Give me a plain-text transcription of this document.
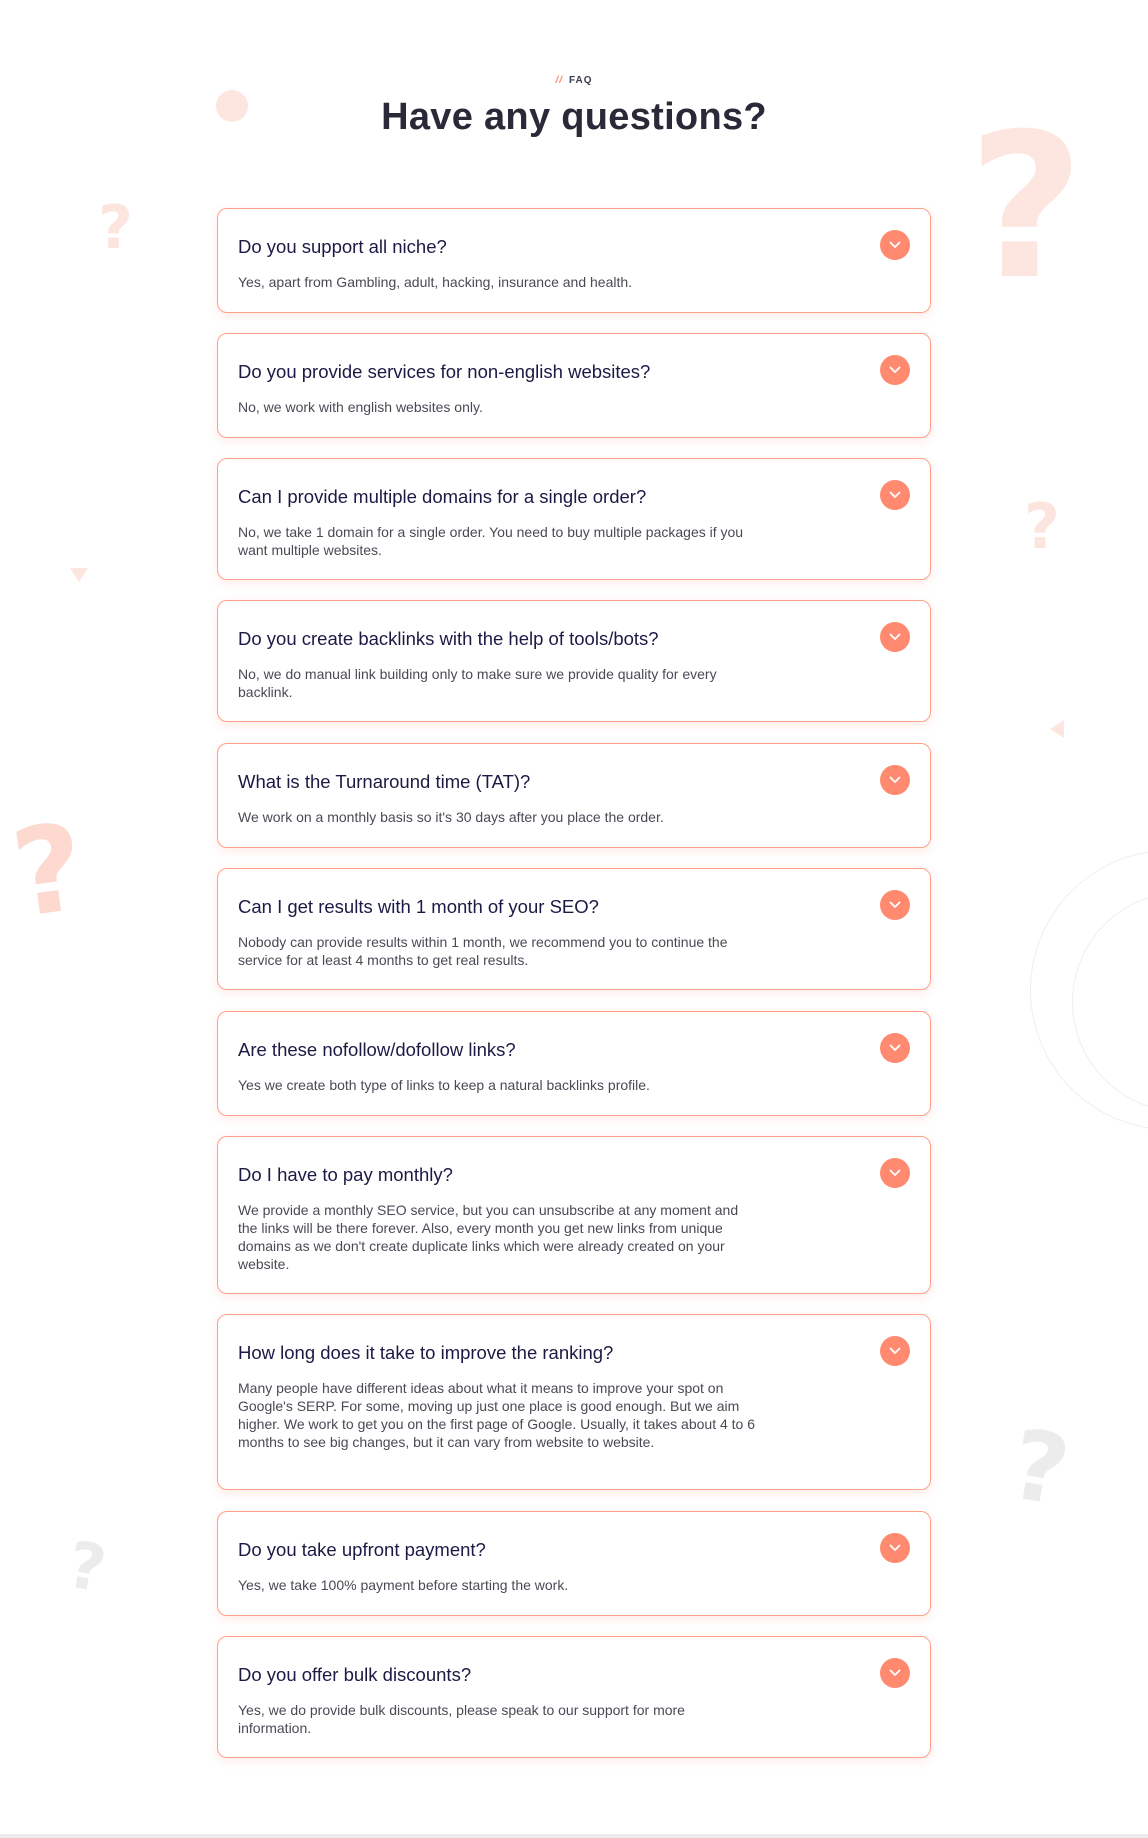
?
?
?
?
?
?
// FAQ
Have any questions?
Do you support all niche?
Yes, apart from Gambling, adult, hacking, insurance and health.
Do you provide services for non-english websites?
No, we work with english websites only.
Can I provide multiple domains for a single order?
No, we take 1 domain for a single order. You need to buy multiple packages if you want multiple websites.
Do you create backlinks with the help of tools/bots?
No, we do manual link building only to make sure we provide quality for every backlink.
What is the Turnaround time (TAT)?
We work on a monthly basis so it's 30 days after you place the order.
Can I get results with 1 month of your SEO?
Nobody can provide results within 1 month, we recommend you to continue the service for at least 4 months to get real results.
Are these nofollow/dofollow links?
Yes we create both type of links to keep a natural backlinks profile.
Do I have to pay monthly?
We provide a monthly SEO service, but you can unsubscribe at any moment and the links will be there forever. Also, every month you get new links from unique domains as we don't create duplicate links which were already created on your website.
How long does it take to improve the ranking?
Many people have different ideas about what it means to improve your spot on Google's SERP. For some, moving up just one place is good enough. But we aim higher. We work to get you on the first page of Google. Usually, it takes about 4 to 6 months to see big changes, but it can vary from website to website.
Do you take upfront payment?
Yes, we take 100% payment before starting the work.
Do you offer bulk discounts?
Yes, we do provide bulk discounts, please speak to our support for more information.
